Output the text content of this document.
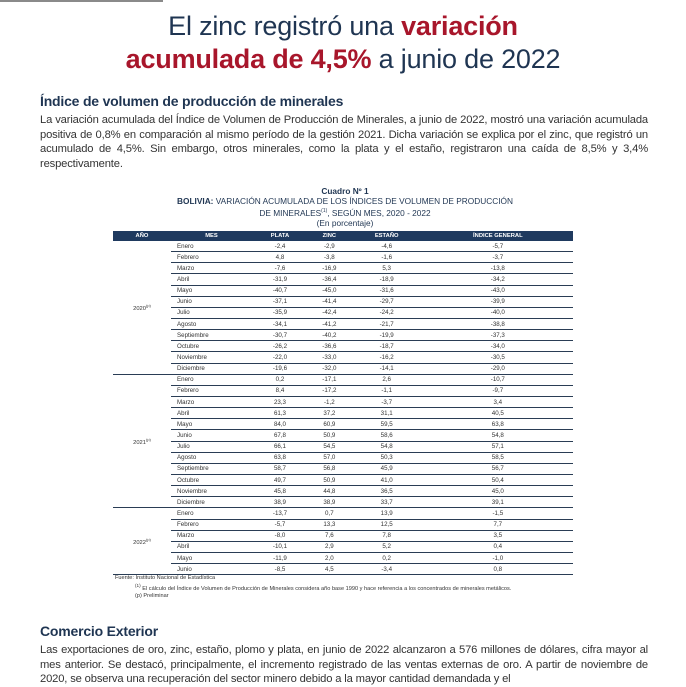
El zinc registró una variación
acumulada de 4,5% a junio de 2022
Índice de volumen de producción de minerales
La variación acumulada del Índice de Volumen de Producción de Minerales, a junio de 2022, mostró una variación acumulada positiva de 0,8% en comparación al mismo período de la gestión 2021. Dicha variación se explica por el zinc, que registró un acumulado de 4,5%. Sin embargo, otros minerales, como la plata y el estaño, registraron una caída de 8,5% y 3,4% respectivamente.
Cuadro Nº 1
BOLIVIA: VARIACIÓN ACUMULADA DE LOS ÍNDICES DE VOLUMEN DE PRODUCCIÓN
DE MINERALES$^{(1)}$, SEGÚN MES, 2020 - 2022
(En porcentaje)
AÑO	MES	PLATA	ZINC	ESTAÑO	ÍNDICE GENERAL
2020$^{(p)}$	Enero	-2,4	-2,9	-4,6	-5,7
	Febrero	4,8	-3,8	-1,6	-3,7
	Marzo	-7,6	-16,9	5,3	-13,8
	Abril	-31,9	-36,4	-18,9	-34,2
	Mayo	-40,7	-45,0	-31,6	-43,0
	Junio	-37,1	-41,4	-29,7	-39,9
	Julio	-35,9	-42,4	-24,2	-40,0
	Agosto	-34,1	-41,2	-21,7	-38,8
	Septiembre	-30,7	-40,2	-19,9	-37,3
	Octubre	-26,2	-36,6	-18,7	-34,0
	Noviembre	-22,0	-33,0	-16,2	-30,5
	Diciembre	-19,6	-32,0	-14,1	-29,0
2021$^{(p)}$	Enero	0,2	-17,1	2,6	-10,7
	Febrero	8,4	-17,2	-1,1	-9,7
	Marzo	23,3	-1,2	-3,7	3,4
	Abril	61,3	37,2	31,1	40,5
	Mayo	84,0	60,9	59,5	63,8
	Junio	67,8	50,9	58,6	54,8
	Julio	66,1	54,5	54,8	57,1
	Agosto	63,8	57,0	50,3	58,5
	Septiembre	58,7	56,8	45,9	56,7
	Octubre	49,7	50,9	41,0	50,4
	Noviembre	45,8	44,8	36,5	45,0
	Diciembre	38,9	38,9	33,7	39,1
2022$^{(p)}$	Enero	-13,7	0,7	13,9	-1,5
	Febrero	-5,7	13,3	12,5	7,7
	Marzo	-8,0	7,6	7,8	3,5
	Abril	-10,1	2,9	5,2	0,4
	Mayo	-11,9	2,0	0,2	-1,0
	Junio	-8,5	4,5	-3,4	0,8
Fuente: Instituto Nacional de Estadística
$^{(1)}$ El cálculo del Índice de Volumen de Producción de Minerales considera año base 1990 y hace referencia a los concentrados de minerales metálicos.
(p) Preliminar
Comercio Exterior
Las exportaciones de oro, zinc, estaño, plomo y plata, en junio de 2022 alcanzaron a 576 millones de dólares, cifra mayor al mes anterior. Se destacó, principalmente, el incremento registrado de las ventas externas de oro. A partir de noviembre de 2020, se observa una recuperación del sector minero debido a la mayor cantidad demandada y el
